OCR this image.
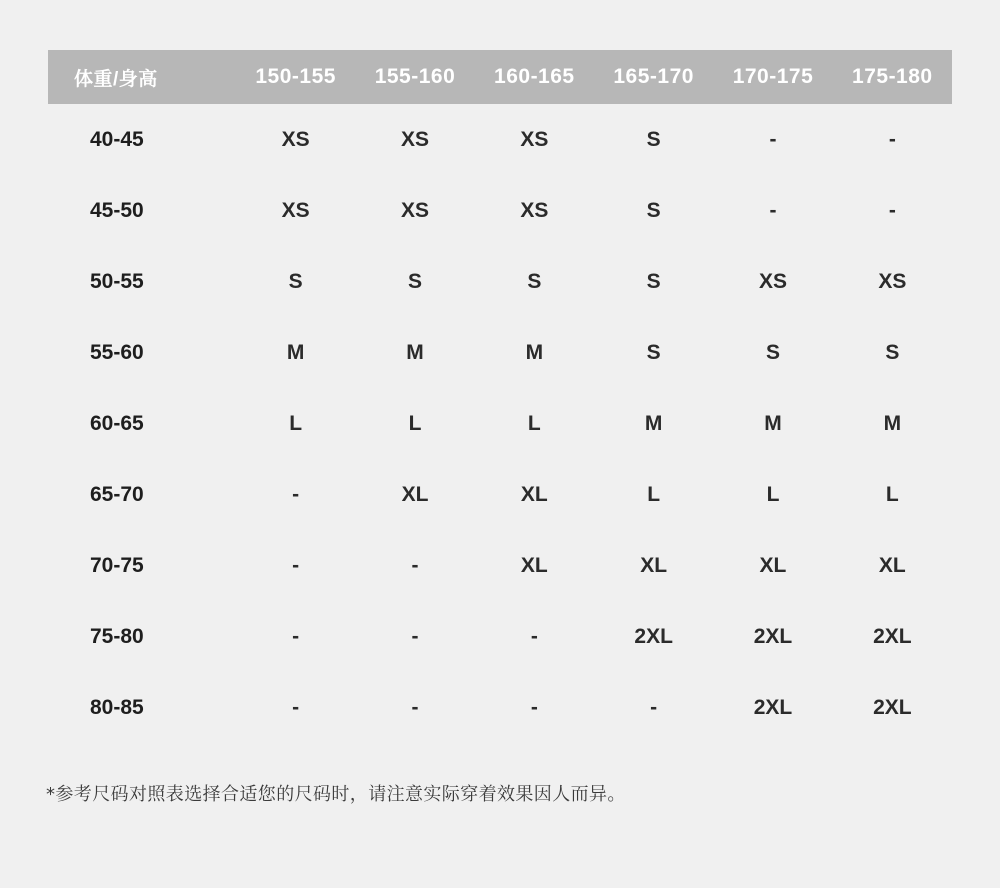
体重/身高	150-155	155-160	160-165	165-170	170-175	175-180
40-45	XS	XS	XS	S	-	-
45-50	XS	XS	XS	S	-	-
50-55	S	S	S	S	XS	XS
55-60	M	M	M	S	S	S
60-65	L	L	L	M	M	M
65-70	-	XL	XL	L	L	L
70-75	-	-	XL	XL	XL	XL
75-80	-	-	-	2XL	2XL	2XL
80-85	-	-	-	-	2XL	2XL
*参考尺码对照表选择合适您的尺码时，请注意实际穿着效果因人而异。
